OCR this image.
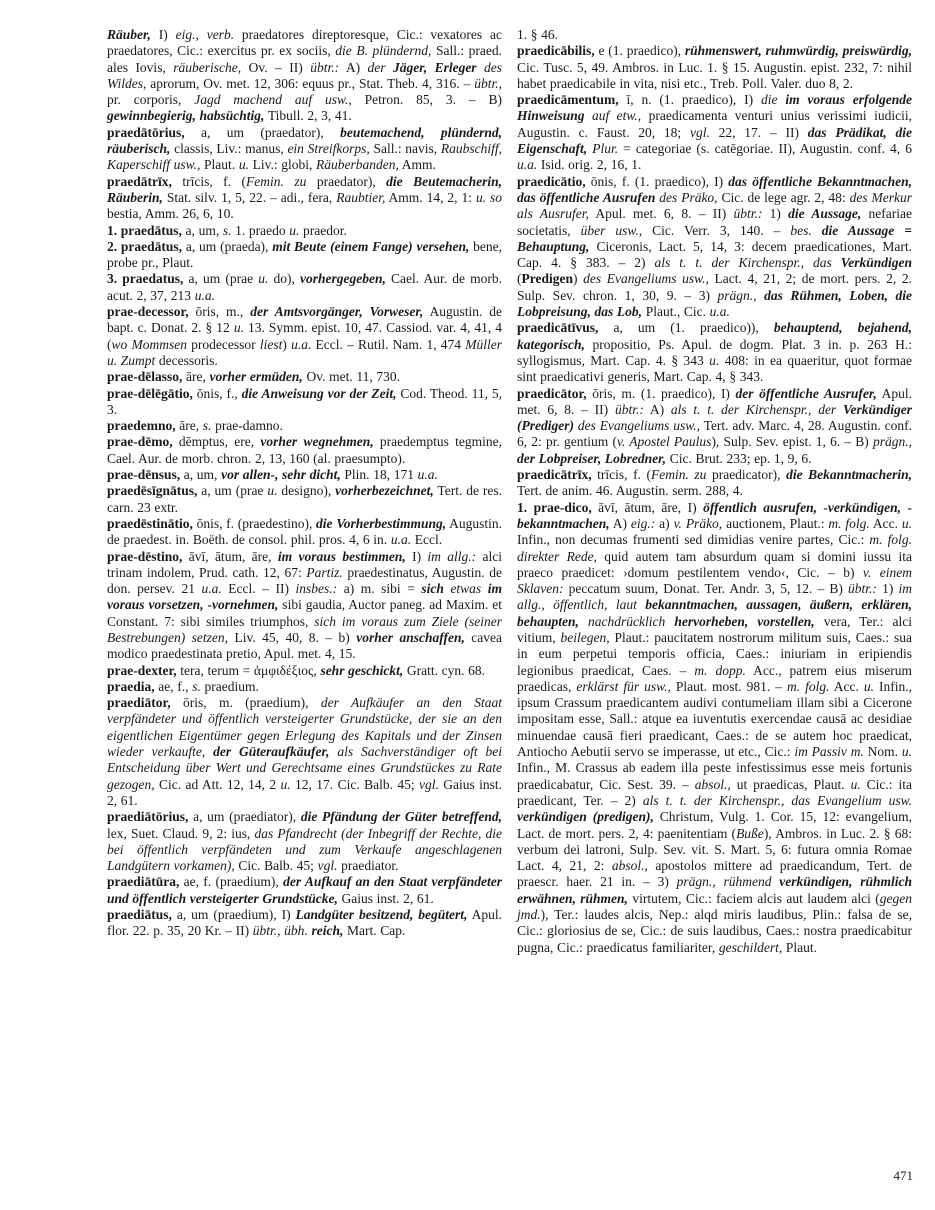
Räuber, I) eig., verb. praedatores direptoresque, Cic.: vexatores ac praedatores, Cic.: exercitus pr. ex sociis, die B. plündernd, Sall.: praed. ales Iovis, räuberische, Ov. – II) übtr.: A) der Jäger, Erleger des Wildes, aprorum, Ov. met. 12, 306: equus pr., Stat. Theb. 4, 316. – übtr., pr. corporis, Jagd machend auf usw., Petron. 85, 3. – B) gewinnbegierig, habsüchtig, Tibull. 2, 3, 41.

praedātōrius, a, um (praedator), beutemachend, plündernd, räuberisch, classis, Liv.: manus, ein Streifkorps, Sall.: navis, Raubschiff, Kaperschiff usw., Plaut. u. Liv.: globi, Räuberbanden, Amm.

praedātrīx, trīcis, f. (Femin. zu praedator), die Beutemacherin, Räuberin, Stat. silv. 1, 5, 22. – adi., fera, Raubtier, Amm. 14, 2, 1: u. so bestia, Amm. 26, 6, 10.

1. praedātus, a, um, s. 1. praedo u. praedor.

2. praedātus, a, um (praeda), mit Beute (einem Fange) versehen, bene, probe pr., Plaut.

3. praedatus, a, um (prae u. do), vorhergegeben, Cael. Aur. de morb. acut. 2, 37, 213 u.a.

prae-decessor, ōris, m., der Amtsvorgänger, Vorweser, Augustin. de bapt. c. Donat. 2. § 12 u. 13. Symm. epist. 10, 47. Cassiod. var. 4, 41, 4 (wo Mommsen prodecessor liest) u.a. Eccl. – Rutil. Nam. 1, 474 Müller u. Zumpt decessoris.

prae-dēlasso, āre, vorher ermüden, Ov. met. 11, 730.

prae-dēlēgātio, ōnis, f., die Anweisung vor der Zeit, Cod. Theod. 11, 5, 3.

praedemno, āre, s. prae-damno.

prae-dēmo, dēmptus, ere, vorher wegnehmen, praedemptus tegmine, Cael. Aur. de morb. chron. 2, 13, 160 (al. praesumpto).

prae-dēnsus, a, um, vor allen-, sehr dicht, Plin. 18, 171 u.a.

praedēsīgnātus, a, um (prae u. designo), vorherbezeichnet, Tert. de res. carn. 23 extr.

praedēstinātio, ōnis, f. (praedestino), die Vorherbestimmung, Augustin. de praedest. in. Boëth. de consol. phil. pros. 4, 6 in. u.a. Eccl.

prae-dēstino, āvī, ātum, āre, im voraus bestimmen, I) im allg.: alci trinam indolem, Prud. cath. 12, 67: Partiz. praedestinatus, Augustin. de don. persev. 21 u.a. Eccl. – II) insbes.: a) m. sibi = sich etwas im voraus vorsetzen, -vornehmen, sibi gaudia, Auctor paneg. ad Maxim. et Constant. 7: sibi similes triumphos, sich im voraus zum Ziele (seiner Bestrebungen) setzen, Liv. 45, 40, 8. – b) vorher anschaffen, cavea modico praedestinata pretio, Apul. met. 4, 15.

prae-dexter, tera, terum = ἀμφιδέξιος, sehr geschickt, Gratt. cyn. 68.

praedia, ae, f., s. praedium.

praediātor, ōris, m. (praedium), der Aufkäufer an den Staat verpfändeter und öffentlich versteigerter Grundstücke, der sie an den eigentlichen Eigentümer gegen Erlegung des Kapitals und der Zinsen wieder verkaufte, der Güteraufkäufer, als Sachverständiger oft bei Entscheidung über Wert und Gerechtsame eines Grundstückes zu Rate gezogen, Cic. ad Att. 12, 14, 2 u. 12, 17. Cic. Balb. 45; vgl. Gaius inst. 2, 61.

praediātōrius, a, um (praediator), die Pfändung der Güter betreffend, lex, Suet. Claud. 9, 2: ius, das Pfandrecht (der Inbegriff der Rechte, die bei öffentlich verpfändeten und zum Verkaufe angeschlagenen Landgütern vorkamen), Cic. Balb. 45; vgl. praediator.

praediātūra, ae, f. (praedium), der Aufkauf an den Staat verpfändeter und öffentlich versteigerter Grundstücke, Gaius inst. 2, 61.

praediātus, a, um (praedium), I) Landgüter besitzend, begütert, Apul. flor. 22. p. 35, 20 Kr. – II) übtr., übh. reich, Mart. Cap.

1. § 46.

praedicābilis, e (1. praedico), rühmenswert, ruhmwürdig, preiswürdig, Cic. Tusc. 5, 49. Ambros. in Luc. 1. § 15. Augustin. epist. 232, 7: nihil habet praedicabile in vita, nisi etc., Treb. Poll. Valer. duo 8, 2.

praedicāmentum, ī, n. (1. praedico), I) die im voraus erfolgende Hinweisung auf etw., praedicamenta venturi unius verissimi iudicii, Augustin. c. Faust. 20, 18; vgl. 22, 17. – II) das Prädikat, die Eigenschaft, Plur. = categoriae (s. catēgoriae. II), Augustin. conf. 4, 6 u.a. Isid. orig. 2, 16, 1.

praedicātio, ōnis, f. (1. praedico), I) das öffentliche Bekanntmachen, das öffentliche Ausrufen des Präko, Cic. de lege agr. 2, 48: des Merkur als Ausrufer, Apul. met. 6, 8. – II) übtr.: 1) die Aussage, nefariae societatis, über usw., Cic. Verr. 3, 140. – bes. die Aussage = Behauptung, Ciceronis, Lact. 5, 14, 3: decem praedicationes, Mart. Cap. 4. § 383. – 2) als t. t. der Kirchenspr., das Verkündigen (Predigen) des Evangeliums usw., Lact. 4, 21, 2; de mort. pers. 2, 2. Sulp. Sev. chron. 1, 30, 9. – 3) prägn., das Rühmen, Loben, die Lobpreisung, das Lob, Plaut., Cic. u.a.

praedicātīvus, a, um (1. praedico)), behauptend, bejahend, kategorisch, propositio, Ps. Apul. de dogm. Plat. 3 in. p. 263 H.: syllogismus, Mart. Cap. 4. § 343 u. 408: in ea quaeritur, quot formae sint praedicativi generis, Mart. Cap. 4, § 343.

praedicātor, ōris, m. (1. praedico), I) der öffentliche Ausrufer, Apul. met. 6, 8. – II) übtr.: A) als t. t. der Kirchenspr., der Verkündiger (Prediger) des Evangeliums usw., Tert. adv. Marc. 4, 28. Augustin. conf. 6, 2: pr. gentium (v. Apostel Paulus), Sulp. Sev. epist. 1, 6. – B) prägn., der Lobpreiser, Lobredner, Cic. Brut. 233; ep. 1, 9, 6.

praedicātrīx, trīcis, f. (Femin. zu praedicator), die Bekanntmacherin, Tert. de anim. 46. Augustin. serm. 288, 4.

1. prae-dico, āvī, ātum, āre, I) öffentlich ausrufen, -verkündigen, -bekanntmachen, A) eig.: a) v. Präko, auctionem, Plaut.: m. folg. Acc. u. Infin., non decumas frumenti sed dimidias venire partes, Cic.: m. folg. direkter Rede, quid autem tam absurdum quam si domini iussu ita praeco praedicet: ›domum pestilentem vendo‹, Cic. – b) v. einem Sklaven: peccatum suum, Donat. Ter. Andr. 3, 5, 12. – B) übtr.: 1) im allg., öffentlich, laut bekanntmachen, aussagen, äußern, erklären, behaupten, nachdrücklich hervorheben, vorstellen, vera, Ter.: alci vitium, beilegen, Plaut.: paucitatem nostrorum militum suis, Caes.: sua in eum perpetui temporis officia, Caes.: iniuriam in eripiendis legionibus praedicat, Caes. – m. dopp. Acc., patrem eius miserum praedicas, erklärst für usw., Plaut. most. 981. – m. folg. Acc. u. Infin., ipsum Crassum praedicantem audivi contumeliam illam sibi a Cicerone impositam esse, Sall.: atque ea iuventutis exercendae causā ac desidiae minuendae causā fieri praedicant, Caes.: de se autem hoc praedicat, Antiocho Aebutii servo se imperasse, ut etc., Cic.: im Passiv m. Nom. u. Infin., M. Crassus ab eadem illa peste infestissimus esse meis fortunis praedicabatur, Cic. Sest. 39. – absol., ut praedicas, Plaut. u. Cic.: ita praedicant, Ter. – 2) als t. t. der Kirchenspr., das Evangelium usw. verkündigen (predigen), Christum, Vulg. 1. Cor. 15, 12: evangelium, Lact. de mort. pers. 2, 4: paenitentiam (Buße), Ambros. in Luc. 2. § 68: verbum dei latroni, Sulp. Sev. vit. S. Mart. 5, 6: futura omnia Romae Lact. 4, 21, 2: absol., apostolos mittere ad praedicandum, Tert. de praescr. haer. 21 in. – 3) prägn., rühmend verkündigen, rühmlich erwähnen, rühmen, virtutem, Cic.: faciem alcis aut laudem alci (gegen jmd.), Ter.: laudes alcis, Nep.: alqd miris laudibus, Plin.: falsa de se, Cic.: gloriosius de se, Cic.: de suis laudibus, Caes.: nostra praedicabitur pugna, Cic.: praedicatus familiariter, geschildert, Plaut.

471
